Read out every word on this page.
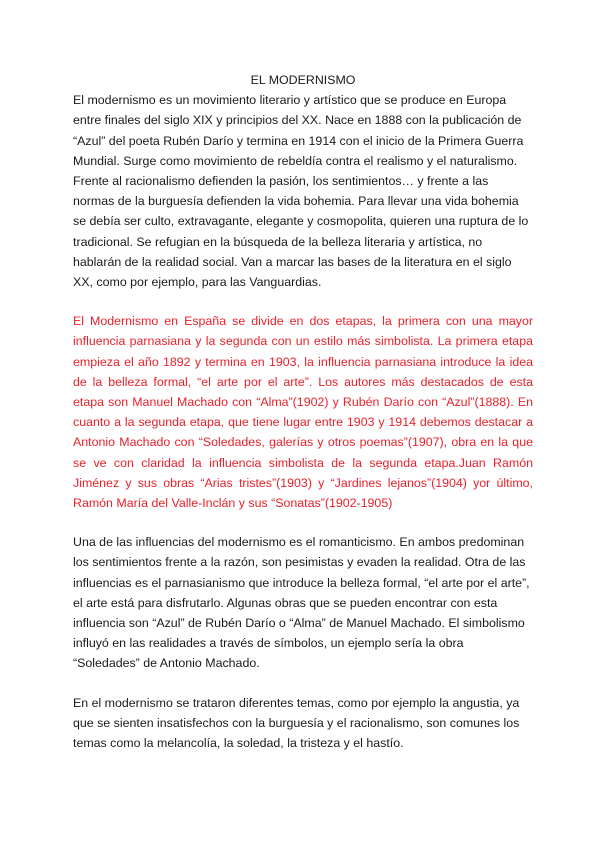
EL MODERNISMO

El modernismo es un movimiento literario y artístico que se produce en Europa entre finales del siglo XIX y principios del XX. Nace en 1888 con la publicación de “Azul” del poeta Rubén Darío y termina en 1914 con el inicio de la Primera Guerra Mundial. Surge como movimiento de rebeldía contra el realismo y el naturalismo. Frente al racionalismo defienden la pasión, los sentimientos… y frente a las normas de la burguesía defienden la vida bohemia. Para llevar una vida bohemia se debía ser culto, extravagante, elegante y cosmopolita, quieren una ruptura de lo tradicional. Se refugian en la búsqueda de la belleza literaria y artística, no hablarán de la realidad social. Van a marcar las bases de la literatura en el siglo XX, como por ejemplo, para las Vanguardias.

El Modernismo en España se divide en dos etapas, la primera con una mayor influencia parnasiana y la segunda con un estilo más simbolista. La primera etapa empieza el año 1892 y termina en 1903, la influencia parnasiana introduce la idea de la belleza formal, “el arte por el arte”. Los autores más destacados de esta etapa son Manuel Machado con “Alma”(1902) y Rubén Darío con “Azul”(1888). En cuanto a la segunda etapa, que tiene lugar entre 1903 y 1914 debemos destacar a Antonio Machado con “Soledades, galerías y otros poemas”(1907), obra en la que se ve con claridad la influencia simbolista de la segunda etapa.Juan Ramón Jiménez y sus obras “Arias tristes”(1903) y “Jardines lejanos”(1904) yor último, Ramón María del Valle-Inclán y sus “Sonatas”(1902-1905)

Una de las influencias del modernismo es el romanticismo. En ambos predominan los sentimientos frente a la razón, son pesimistas y evaden la realidad. Otra de las influencias es el parnasianismo que introduce la belleza formal, “el arte por el arte”, el arte está para disfrutarlo. Algunas obras que se pueden encontrar con esta influencia son “Azul” de Rubén Darío o “Alma” de Manuel Machado. El simbolismo influyó en las realidades a través de símbolos, un ejemplo sería la obra “Soledades” de Antonio Machado.

En el modernismo se trataron diferentes temas, como por ejemplo la angustia, ya que se sienten insatisfechos con la burguesía y el racionalismo, son comunes los temas como la melancolía, la soledad, la tristeza y el hastío.
